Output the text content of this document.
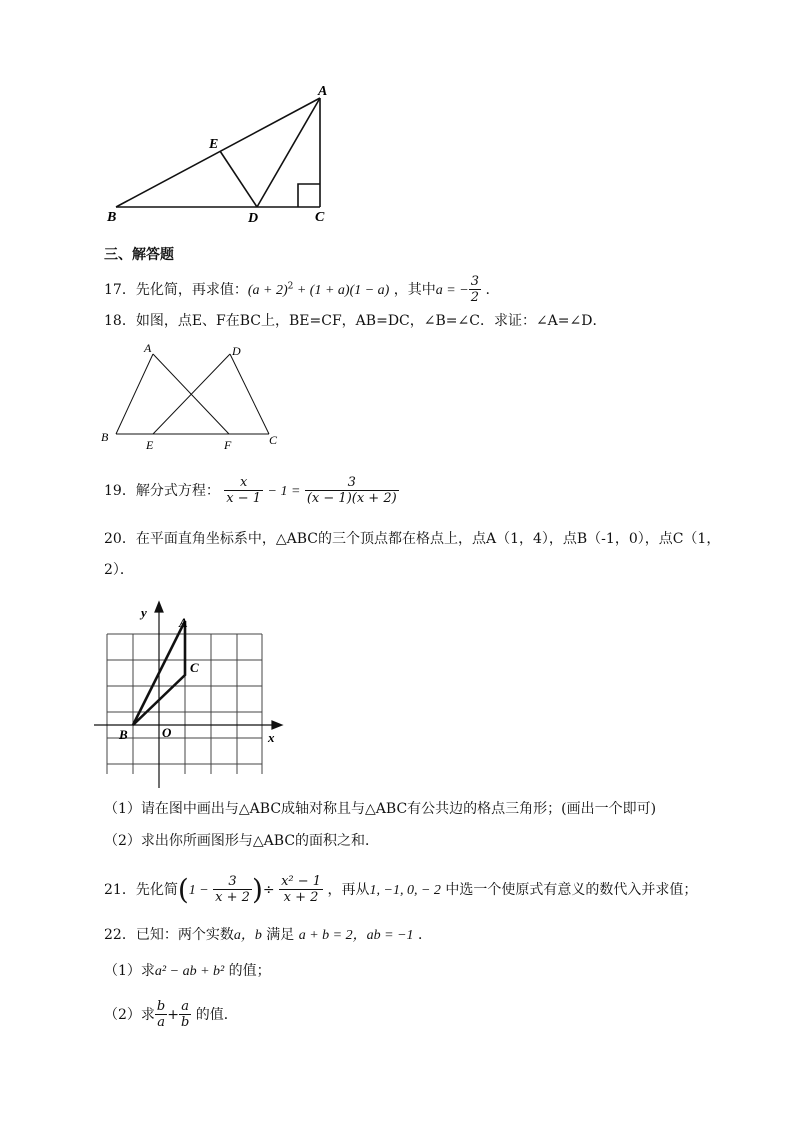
A
B	C
D
E
三、解答题
17．先化简，再求值：$(a + 2)^2 + (1 + a)(1 - a)$ ，其中a = − $\frac{3}{2}$ .
18．如图，点E、F在BC上，BE=CF，AB=DC，∠B=∠C．求证：∠A=∠D．
A	D
B
E	F	C
19．解分式方程： $\frac{x}{x - 1} - 1 = \frac{3}{(x - 1)(x + 2)}$
20．在平面直角坐标系中，△ABC的三个顶点都在格点上，点A（1，4），点B（-1，0），点C（1，
2）．
y
x
A
C
B	O
（1）请在图中画出与△ABC成轴对称且与△ABC有公共边的格点三角形；(画出一个即可)
（2）求出你所画图形与△ABC的面积之和．
21．先化简($1 - \frac{3}{x + 2}$ )÷ $\frac{\text{x² − 1}}{x + 2}$ ，再从1, −1, 0, − 2 中选一个使原式有意义的数代入并求值；
22．已知：两个实数a，b 满足 a + b = 2，ab = −1 ．
（1）求a² − ab + b² 的值；
（2）求 $\frac{b}{a} + \frac{a}{b}$ 的值．
